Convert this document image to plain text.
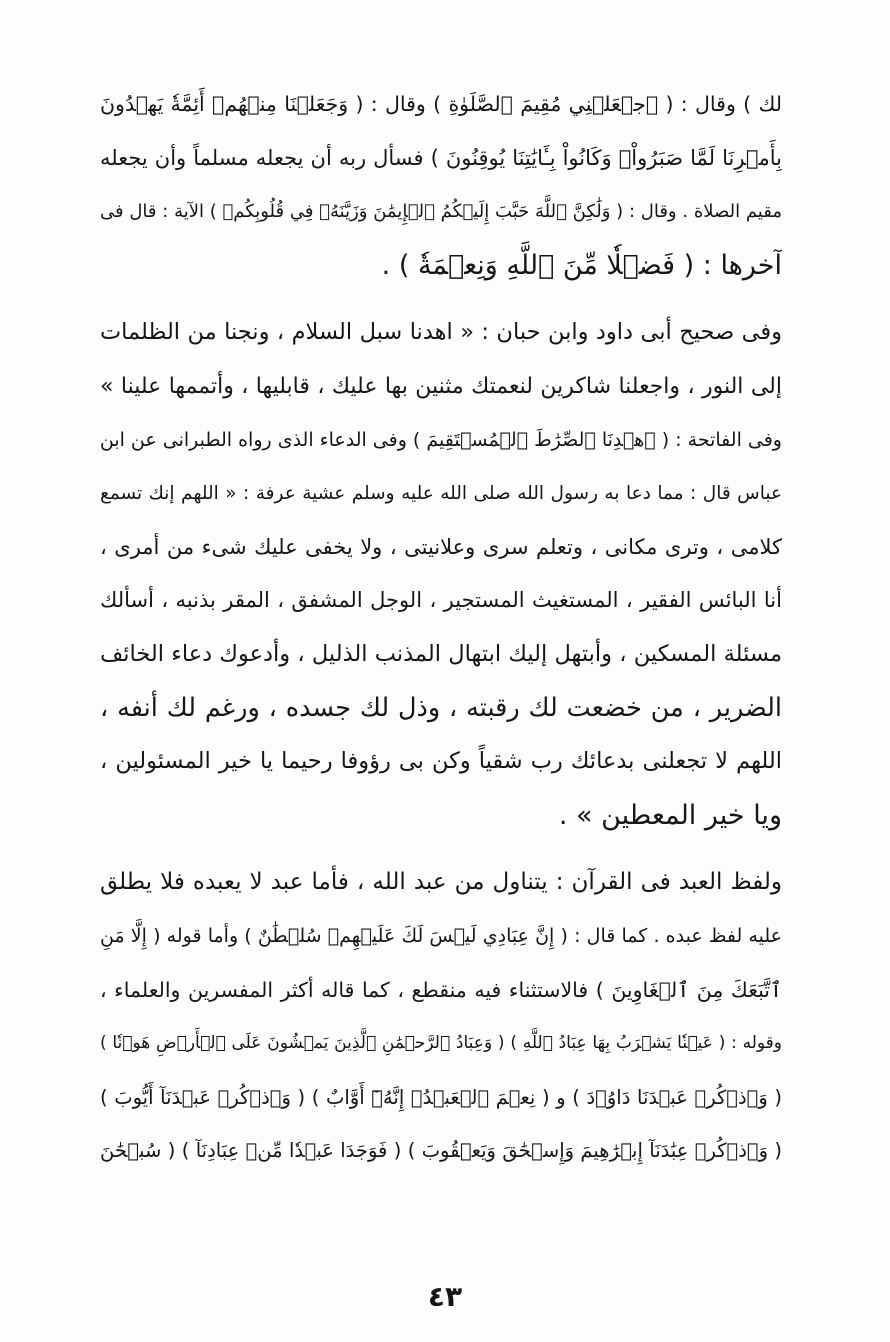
لك ) وقال : ( ٱجۡعَلۡنِي مُقِيمَ ٱلصَّلَوٰةِ ) وقال : ( وَجَعَلۡنَا مِنۡهُمۡ أَئِمَّةٗ يَهۡدُونَ
بِأَمۡرِنَا لَمَّا صَبَرُواْۖ وَكَانُواْ بِـَٔايَٰتِنَا يُوقِنُونَ ) فسأل ربه أن يجعله مسلماً وأن يجعله
مقيم الصلاة . وقال : ( وَلَٰكِنَّ ٱللَّهَ حَبَّبَ إِلَيۡكُمُ ٱلۡإِيمَٰنَ وَزَيَّنَهُۥ فِي قُلُوبِكُمۡ ) الآية : قال فى
آخرها : ( فَضۡلٗا مِّنَ ٱللَّهِ وَنِعۡمَةٗ ) .
وفى صحيح أبى داود وابن حبان : « اهدنا سبل السلام ، ونجنا من الظلمات
إلى النور ، واجعلنا شاكرين لنعمتك مثنين بها عليك ، قابليها ، وأتممها علينا »
وفى الفاتحة : ( ٱهۡدِنَا ٱلصِّرَٰطَ ٱلۡمُسۡتَقِيمَ ) وفى الدعاء الذى رواه الطبرانى عن ابن
عباس قال : مما دعا به رسول الله صلى الله عليه وسلم عشية عرفة : « اللهم إنك تسمع
كلامى ، وترى مكانى ، وتعلم سرى وعلانيتى ، ولا يخفى عليك شىء من أمرى ،
أنا البائس الفقير ، المستغيث المستجير ، الوجل المشفق ، المقر بذنبه ، أسألك
مسئلة المسكين ، وأبتهل إليك ابتهال المذنب الذليل ، وأدعوك دعاء الخائف
الضرير ، من خضعت لك رقبته ، وذل لك جسده ، ورغم لك أنفه ،
اللهم لا تجعلنى بدعائك رب شقياً وكن بى رؤوفا رحيما يا خير المسئولين ،
ويا خير المعطين » .
ولفظ العبد فى القرآن : يتناول من عبد الله ، فأما عبد لا يعبده فلا يطلق
عليه لفظ عبده . كما قال : ( إِنَّ عِبَادِي لَيۡسَ لَكَ عَلَيۡهِمۡ سُلۡطَٰنٌ ) وأما قوله ( إِلَّا مَنِ
ٱتَّبَعَكَ مِنَ ٱلۡغَاوِينَ ) فالاستثناء فيه منقطع ، كما قاله أكثر المفسرين والعلماء ،
وقوله : ( عَيۡنٗا يَشۡرَبُ بِهَا عِبَادُ ٱللَّهِ ) ( وَعِبَادُ ٱلرَّحۡمَٰنِ ٱلَّذِينَ يَمۡشُونَ عَلَى ٱلۡأَرۡضِ هَوۡنٗا )
( وَٱذۡكُرۡ عَبۡدَنَا دَاوُۥدَ ) و ( نِعۡمَ ٱلۡعَبۡدُۖ إِنَّهُۥٓ أَوَّابٌ ) ( وَٱذۡكُرۡ عَبۡدَنَآ أَيُّوبَ )
( وَٱذۡكُرۡ عِبَٰدَنَآ إِبۡرَٰهِيمَ وَإِسۡحَٰقَ وَيَعۡقُوبَ ) ( فَوَجَدَا عَبۡدٗا مِّنۡ عِبَادِنَآ ) ( سُبۡحَٰنَ
٤٣
